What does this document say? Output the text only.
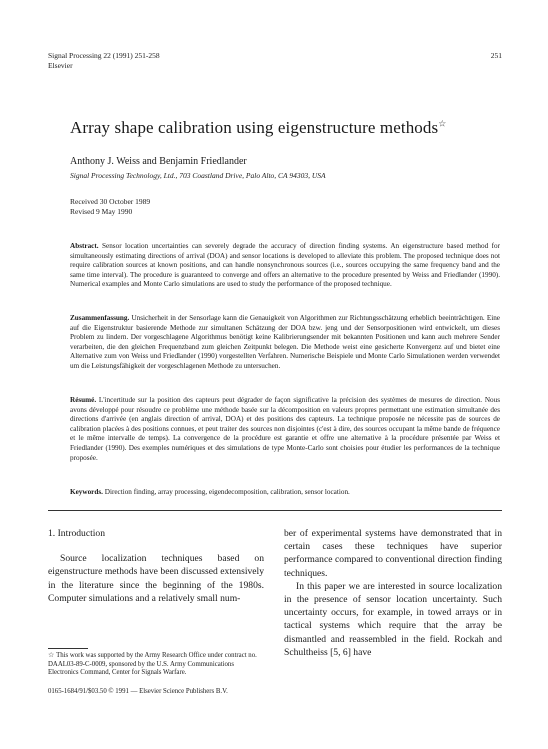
Signal Processing 22 (1991) 251-258
Elsevier
251
Array shape calibration using eigenstructure methods☆
Anthony J. Weiss and Benjamin Friedlander
Signal Processing Technology, Ltd., 703 Coastland Drive, Palo Alto, CA 94303, USA
Received 30 October 1989
Revised 9 May 1990
Abstract. Sensor location uncertainties can severely degrade the accuracy of direction finding systems. An eigenstructure based method for simultaneously estimating directions of arrival (DOA) and sensor locations is developed to alleviate this problem. The proposed technique does not require calibration sources at known positions, and can handle nonsynchronous sources (i.e., sources occupying the same frequency band and the same time interval). The procedure is guaranteed to converge and offers an alternative to the procedure presented by Weiss and Friedlander (1990). Numerical examples and Monte Carlo simulations are used to study the performance of the proposed technique.
Zusammenfassung. Unsicherheit in der Sensorlage kann die Genauigkeit von Algorithmen zur Richtungsschätzung erheblich beeinträchtigen. Eine auf die Eigenstruktur basierende Methode zur simultanen Schätzung der DOA bzw. jeng und der Sensorpositionen wird entwickelt, um dieses Problem zu lindern. Der vorgeschlagene Algorithmus benötigt keine Kalibrierungsender mit bekannten Positionen und kann auch mehrere Sender verarbeiten, die den gleichen Frequenzband zum gleichen Zeitpunkt belegen. Die Methode weist eine gesicherte Konvergenz auf und bietet eine Alternative zum von Weiss und Friedlander (1990) vorgestellten Verfahren. Numerische Beispiele und Monte Carlo Simulationen werden verwendet um die Leistungsfähigkeit der vorgeschlagenen Methode zu untersuchen.
Résumé. L'incertitude sur la position des capteurs peut dégrader de façon significative la précision des systèmes de mesures de direction. Nous avons développé pour résoudre ce problème une méthode basée sur la décomposition en valeurs propres permettant une estimation simultanée des directions d'arrivée (en anglais direction of arrival, DOA) et des positions des capteurs. La technique proposée ne nécessite pas de sources de calibration placées à des positions connues, et peut traiter des sources non disjointes (c'est à dire, des sources occupant la même bande de fréquence et le même intervalle de temps). La convergence de la procédure est garantie et offre une alternative à la procédure présentée par Weiss et Friedlander (1990). Des exemples numériques et des simulations de type Monte-Carlo sont choisies pour étudier les performances de la technique proposée.
Keywords. Direction finding, array processing, eigendecomposition, calibration, sensor location.

1. Introduction

Source localization techniques based on eigenstructure methods have been discussed extensively in the literature since the beginning of the 1980s. Computer simulations and a relatively small num-

ber of experimental systems have demonstrated that in certain cases these techniques have superior performance compared to conventional direction finding techniques.

In this paper we are interested in source localization in the presence of sensor location uncertainty. Such uncertainty occurs, for example, in towed arrays or in tactical systems which require that the array be dismantled and reassembled in the field. Rockah and Schultheiss [5, 6] have

☆ This work was supported by the Army Research Office under contract no. DAAL03-89-C-0009, sponsored by the U.S. Army Communications Electronics Command, Center for Signals Warfare.
0165-1684/91/$03.50 © 1991 — Elsevier Science Publishers B.V.
